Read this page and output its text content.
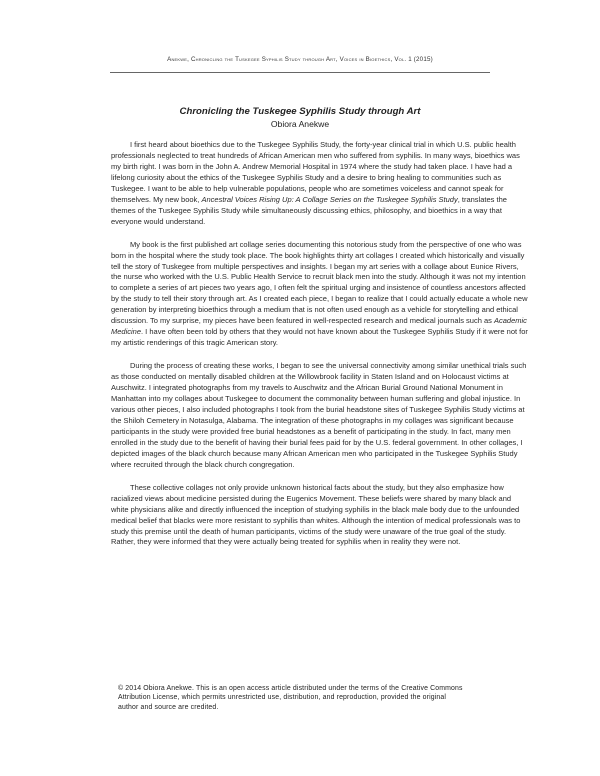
Anekwe, Chronicling the Tuskegee Syphilis Study through Art, Voices in Bioethics, Vol. 1 (2015)
Chronicling the Tuskegee Syphilis Study through Art
Obiora Anekwe

I first heard about bioethics due to the Tuskegee Syphilis Study, the forty-year clinical trial in which U.S. public health professionals neglected to treat hundreds of African American men who suffered from syphilis. In many ways, bioethics was my birth right. I was born in the John A. Andrew Memorial Hospital in 1974 where the study had taken place. I have had a lifelong curiosity about the ethics of the Tuskegee Syphilis Study and a desire to bring healing to communities such as Tuskegee. I want to be able to help vulnerable populations, people who are sometimes voiceless and cannot speak for themselves. My new book, Ancestral Voices Rising Up: A Collage Series on the Tuskegee Syphilis Study, translates the themes of the Tuskegee Syphilis Study while simultaneously discussing ethics, philosophy, and bioethics in a way that everyone would understand.

My book is the first published art collage series documenting this notorious study from the perspective of one who was born in the hospital where the study took place. The book highlights thirty art collages I created which historically and visually tell the story of Tuskegee from multiple perspectives and insights. I began my art series with a collage about Eunice Rivers, the nurse who worked with the U.S. Public Health Service to recruit black men into the study. Although it was not my intention to complete a series of art pieces two years ago, I often felt the spiritual urging and insistence of countless ancestors affected by the study to tell their story through art. As I created each piece, I began to realize that I could actually educate a whole new generation by interpreting bioethics through a medium that is not often used enough as a vehicle for storytelling and ethical discussion. To my surprise, my pieces have been featured in well-respected research and medical journals such as Academic Medicine. I have often been told by others that they would not have known about the Tuskegee Syphilis Study if it were not for my artistic renderings of this tragic American story.

During the process of creating these works, I began to see the universal connectivity among similar unethical trials such as those conducted on mentally disabled children at the Willowbrook facility in Staten Island and on Holocaust victims at Auschwitz. I integrated photographs from my travels to Auschwitz and the African Burial Ground National Monument in Manhattan into my collages about Tuskegee to document the commonality between human suffering and global injustice. In various other pieces, I also included photographs I took from the burial headstone sites of Tuskegee Syphilis Study victims at the Shiloh Cemetery in Notasulga, Alabama. The integration of these photographs in my collages was significant because participants in the study were provided free burial headstones as a benefit of participating in the study. In fact, many men enrolled in the study due to the benefit of having their burial fees paid for by the U.S. federal government. In other collages, I depicted images of the black church because many African American men who participated in the Tuskegee Syphilis Study where recruited through the black church congregation.

These collective collages not only provide unknown historical facts about the study, but they also emphasize how racialized views about medicine persisted during the Eugenics Movement. These beliefs were shared by many black and white physicians alike and directly influenced the inception of studying syphilis in the black male body due to the unfounded medical belief that blacks were more resistant to syphilis than whites. Although the intention of medical professionals was to study this premise until the death of human participants, victims of the study were unaware of the true goal of the study. Rather, they were informed that they were actually being treated for syphilis when in reality they were not.

© 2014 Obiora Anekwe. This is an open access article distributed under the terms of the Creative Commons Attribution License, which permits unrestricted use, distribution, and reproduction, provided the original author and source are credited.
